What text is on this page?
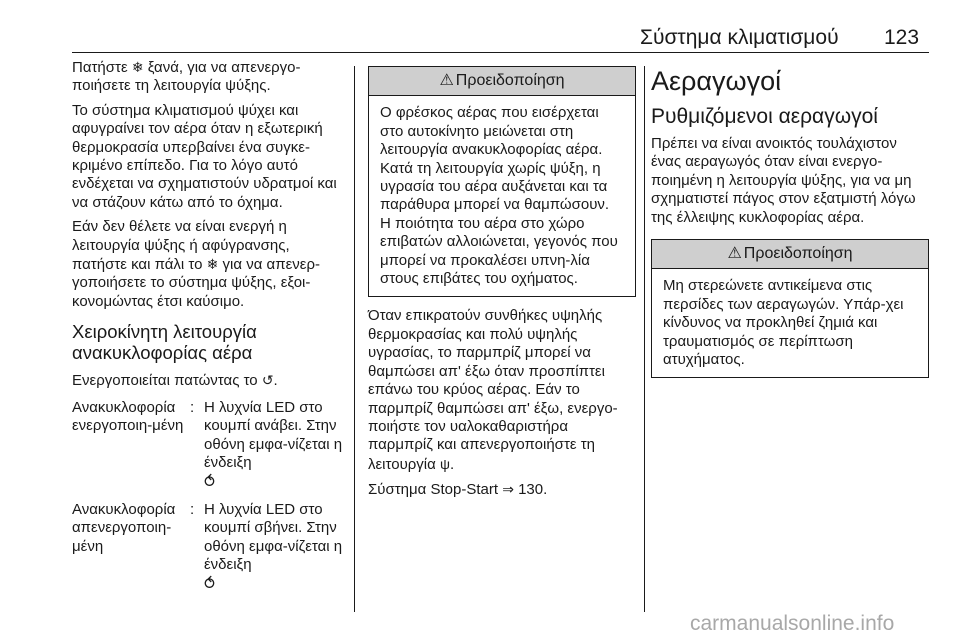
Σύστημα κλιματισμού 123

Πατήστε ❄ ξανά, για να απενεργο-ποιήσετε τη λειτουργία ψύξης.

Το σύστημα κλιματισμού ψύχει και αφυγραίνει τον αέρα όταν η εξωτερική θερμοκρασία υπερβαίνει ένα συγκε-κριμένο επίπεδο. Για το λόγο αυτό ενδέχεται να σχηματιστούν υδρατμοί και να στάζουν κάτω από το όχημα.

Εάν δεν θέλετε να είναι ενεργή η λειτουργία ψύξης ή αφύγρανσης, πατήστε και πάλι το ❄ για να απενερ-γοποιήσετε το σύστημα ψύξης, εξοι-κονομώντας έτσι καύσιμο.

Χειροκίνητη λειτουργία ανακυκλοφορίας αέρα

Ενεργοποιείται πατώντας το ↺.

Ανακυκλοφορία ενεργοποιη-μένη
: Η λυχνία LED στο κουμπί ανάβει. Στην οθόνη εμφα-νίζεται η ένδειξη
⥀
Ανακυκλοφορία απενεργοποιη-μένη
: Η λυχνία LED στο κουμπί σβήνει. Στην οθόνη εμφα-νίζεται η ένδειξη
⥀
⚠ Προειδοποίηση
Ο φρέσκος αέρας που εισέρχεται στο αυτοκίνητο μειώνεται στη λειτουργία ανακυκλοφορίας αέρα. Κατά τη λειτουργία χωρίς ψύξη, η υγρασία του αέρα αυξάνεται και τα παράθυρα μπορεί να θαμπώσουν. Η ποιότητα του αέρα στο χώρο επιβατών αλλοιώνεται, γεγονός που μπορεί να προκαλέσει υπνη-λία στους επιβάτες του οχήματος.

Όταν επικρατούν συνθήκες υψηλής θερμοκρασίας και πολύ υψηλής υγρασίας, το παρμπρίζ μπορεί να θαμπώσει απ' έξω όταν προσπίπτει επάνω του κρύος αέρας. Εάν το παρμπρίζ θαμπώσει απ' έξω, ενεργο-ποιήστε τον υαλοκαθαριστήρα παρμπρίζ και απενεργοποιήστε τη λειτουργία ψ.

Σύστημα Stop-Start ⇒ 130.

Αεραγωγοί
Ρυθμιζόμενοι αεραγωγοί

Πρέπει να είναι ανοικτός τουλάχιστον ένας αεραγωγός όταν είναι ενεργο-ποιημένη η λειτουργία ψύξης, για να μη σχηματιστεί πάγος στον εξατμιστή λόγω της έλλειψης κυκλοφορίας αέρα.

⚠ Προειδοποίηση
Μη στερεώνετε αντικείμενα στις περσίδες των αεραγωγών. Υπάρ-χει κίνδυνος να προκληθεί ζημιά και τραυματισμός σε περίπτωση ατυχήματος.
carmanualsonline.info
